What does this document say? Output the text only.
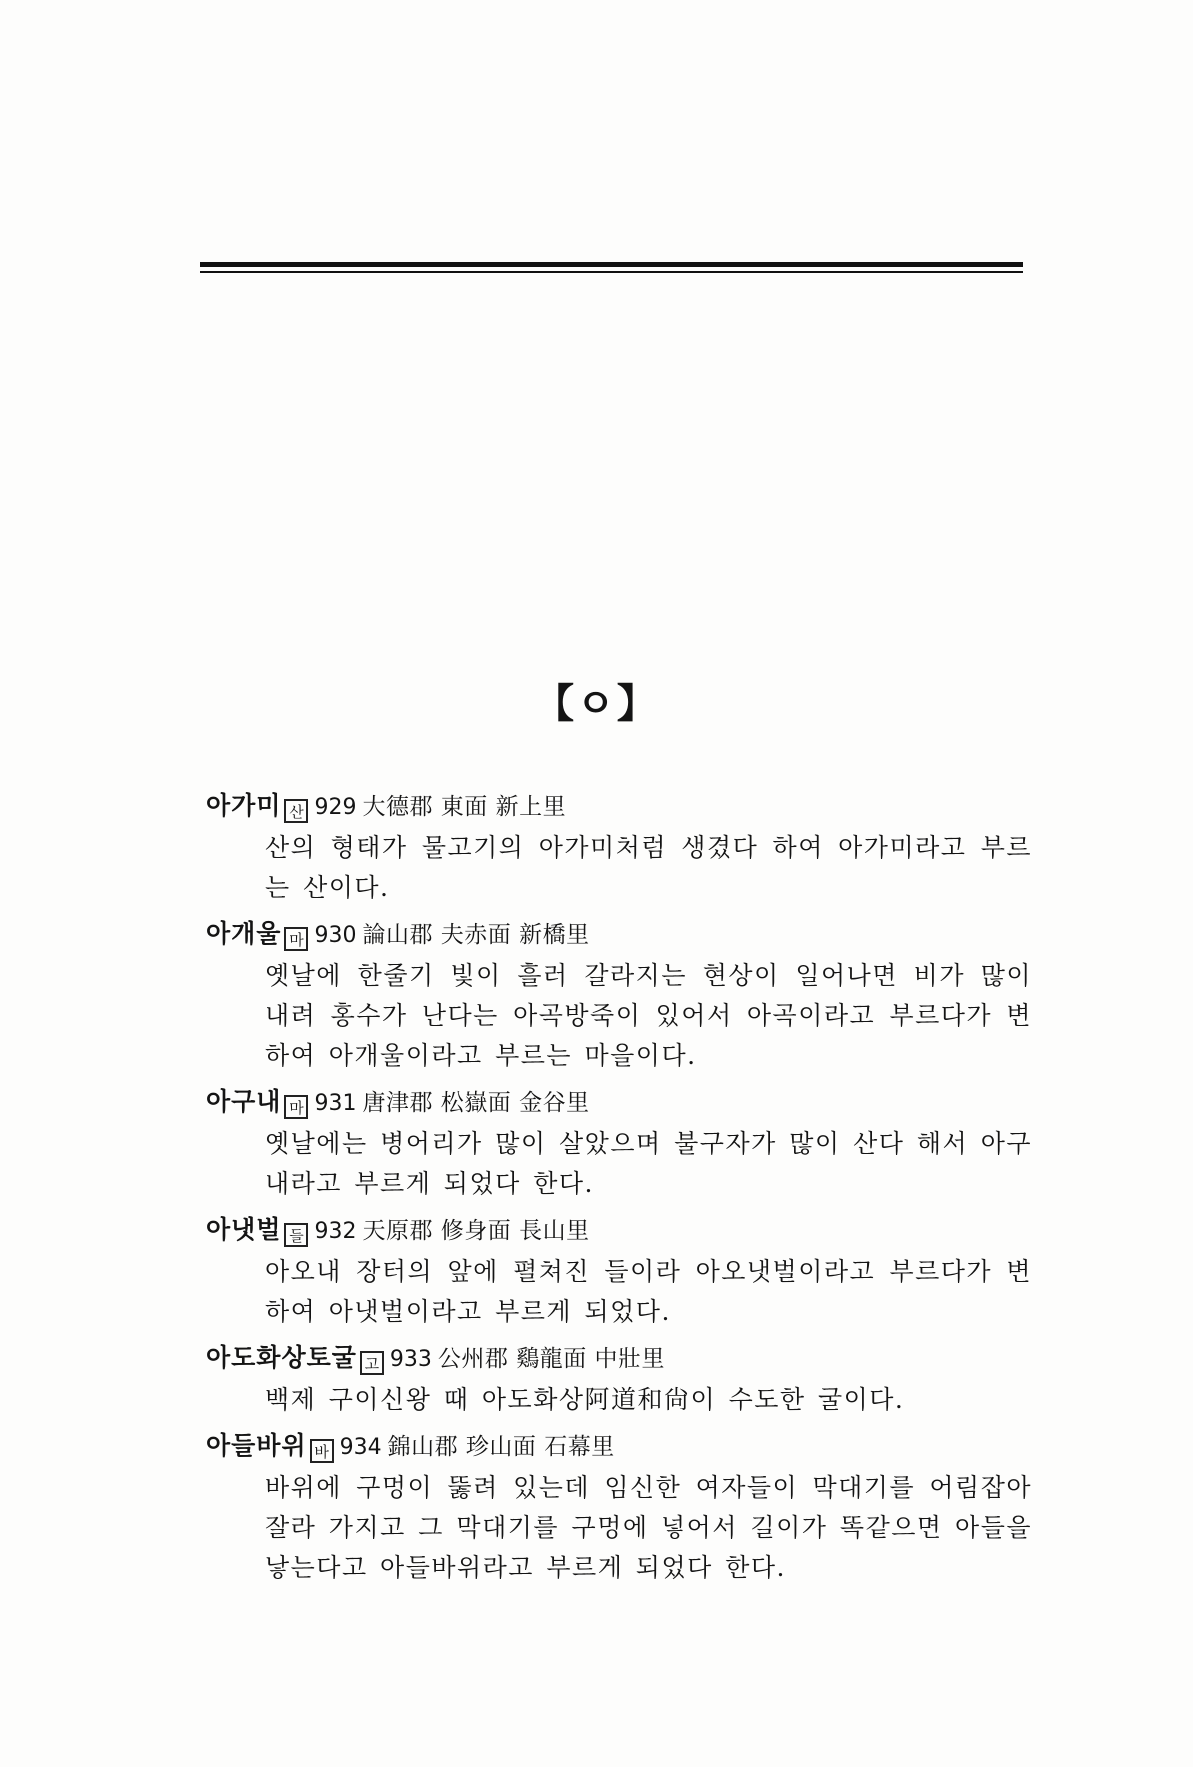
【ㅇ】
아가미 산 929 大德郡 東面 新上里
산의 형태가 물고기의 아가미처럼 생겼다 하여 아가미라고 부르는 산이다.
아개울 마 930 論山郡 夫赤面 新橋里
옛날에 한줄기 빛이 흘러 갈라지는 현상이 일어나면 비가 많이 내려 홍수가 난다는 아곡방죽이 있어서 아곡이라고 부르다가 변하여 아개울이라고 부르는 마을이다.
아구내 마 931 唐津郡 松嶽面 金谷里
옛날에는 병어리가 많이 살았으며 불구자가 많이 산다 해서 아구내라고 부르게 되었다 한다.
아냇벌 들 932 天原郡 修身面 長山里
아오내 장터의 앞에 펼쳐진 들이라 아오냇벌이라고 부르다가 변하여 아냇벌이라고 부르게 되었다.
아도화상토굴 고 933 公州郡 鷄龍面 中壯里
백제 구이신왕 때 아도화상阿道和尙이 수도한 굴이다.
아들바위 바 934 錦山郡 珍山面 石幕里
바위에 구멍이 뚫려 있는데 임신한 여자들이 막대기를 어림잡아 잘라 가지고 그 막대기를 구멍에 넣어서 길이가 똑같으면 아들을 낳는다고 아들바위라고 부르게 되었다 한다.
